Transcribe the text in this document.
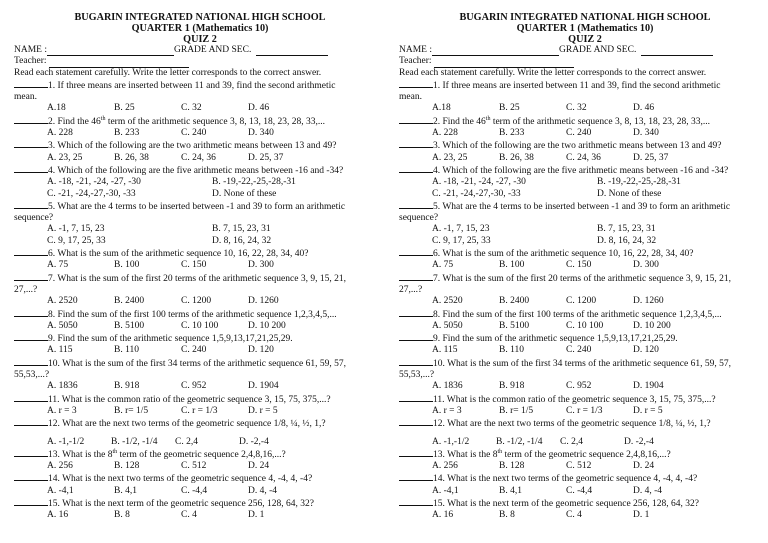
BUGARIN INTEGRATED NATIONAL HIGH SCHOOL
QUARTER 1 (Mathematics 10)
QUIZ 2
NAME :	GRADE AND SEC.
Teacher:
Read each statement carefully. Write the letter corresponds to the correct answer.
1. If three means are inserted between 11 and 39, find the second arithmetic
mean.
A.18	B. 25	C. 32	D. 46
2. Find the 46th term of the arithmetic sequence 3, 8, 13, 18, 23, 28, 33,...
A. 228	B. 233	C. 240	D. 340
3. Which of the following are the two arithmetic means between 13 and 49?
A. 23, 25	B. 26, 38	C. 24, 36	D. 25, 37
4. Which of the following are the five arithmetic means between -16 and -34?
A. -18, -21, -24, -27, -30	B. -19,-22,-25,-28,-31
C. -21, -24,-27,-30, -33	D. None of these
5. What are the 4 terms to be inserted between -1 and 39 to form an arithmetic
sequence?
A. -1, 7, 15, 23	B. 7, 15, 23, 31
C. 9, 17, 25, 33	D. 8, 16, 24, 32
6. What is the sum of the arithmetic sequence 10, 16, 22, 28, 34, 40?
A. 75	B. 100	C. 150	D. 300
7. What is the sum of the first 20 terms of the arithmetic sequence 3, 9, 15, 21,
27,...?
A. 2520	B. 2400	C. 1200	D. 1260
8. Find the sum of the first 100 terms of the arithmetic sequence 1,2,3,4,5,...
A. 5050	B. 5100	C. 10 100	D. 10 200
9. Find the sum of the arithmetic sequence 1,5,9,13,17,21,25,29.
A. 115	B. 110	C. 240	D. 120
10. What is the sum of the first 34 terms of the arithmetic sequence 61, 59, 57,
55,53,...?
A. 1836	B. 918	C. 952	D. 1904
11. What is the common ratio of the geometric sequence 3, 15, 75, 375,...?
A. r = 3	B. r= 1/5	C. r = 1/3	D. r = 5
12. What are the next two terms of the geometric sequence 1/8, ¼, ½, 1,?
A. -1,-1/2	B. -1/2, -1/4	C. 2,4	D. -2,-4
13. What is the 8th term of the geometric sequence 2,4,8,16,...?
A. 256	B. 128	C. 512	D. 24
14. What is the next two terms of the geometric sequence 4, -4, 4, -4?
A. -4,1	B. 4,1	C. -4,4	D. 4, -4
15. What is the next term of the geometric sequence 256, 128, 64, 32?
A. 16	B. 8	C. 4	D. 1
BUGARIN INTEGRATED NATIONAL HIGH SCHOOL
QUARTER 1 (Mathematics 10)
QUIZ 2
NAME :	GRADE AND SEC.
Teacher:
Read each statement carefully. Write the letter corresponds to the correct answer.
1. If three means are inserted between 11 and 39, find the second arithmetic
mean.
A.18	B. 25	C. 32	D. 46
2. Find the 46th term of the arithmetic sequence 3, 8, 13, 18, 23, 28, 33,...
A. 228	B. 233	C. 240	D. 340
3. Which of the following are the two arithmetic means between 13 and 49?
A. 23, 25	B. 26, 38	C. 24, 36	D. 25, 37
4. Which of the following are the five arithmetic means between -16 and -34?
A. -18, -21, -24, -27, -30	B. -19,-22,-25,-28,-31
C. -21, -24,-27,-30, -33	D. None of these
5. What are the 4 terms to be inserted between -1 and 39 to form an arithmetic
sequence?
A. -1, 7, 15, 23	B. 7, 15, 23, 31
C. 9, 17, 25, 33	D. 8, 16, 24, 32
6. What is the sum of the arithmetic sequence 10, 16, 22, 28, 34, 40?
A. 75	B. 100	C. 150	D. 300
7. What is the sum of the first 20 terms of the arithmetic sequence 3, 9, 15, 21,
27,...?
A. 2520	B. 2400	C. 1200	D. 1260
8. Find the sum of the first 100 terms of the arithmetic sequence 1,2,3,4,5,...
A. 5050	B. 5100	C. 10 100	D. 10 200
9. Find the sum of the arithmetic sequence 1,5,9,13,17,21,25,29.
A. 115	B. 110	C. 240	D. 120
10. What is the sum of the first 34 terms of the arithmetic sequence 61, 59, 57,
55,53,...?
A. 1836	B. 918	C. 952	D. 1904
11. What is the common ratio of the geometric sequence 3, 15, 75, 375,...?
A. r = 3	B. r= 1/5	C. r = 1/3	D. r = 5
12. What are the next two terms of the geometric sequence 1/8, ¼, ½, 1,?
A. -1,-1/2	B. -1/2, -1/4	C. 2,4	D. -2,-4
13. What is the 8th term of the geometric sequence 2,4,8,16,...?
A. 256	B. 128	C. 512	D. 24
14. What is the next two terms of the geometric sequence 4, -4, 4, -4?
A. -4,1	B. 4,1	C. -4,4	D. 4, -4
15. What is the next term of the geometric sequence 256, 128, 64, 32?
A. 16	B. 8	C. 4	D. 1
